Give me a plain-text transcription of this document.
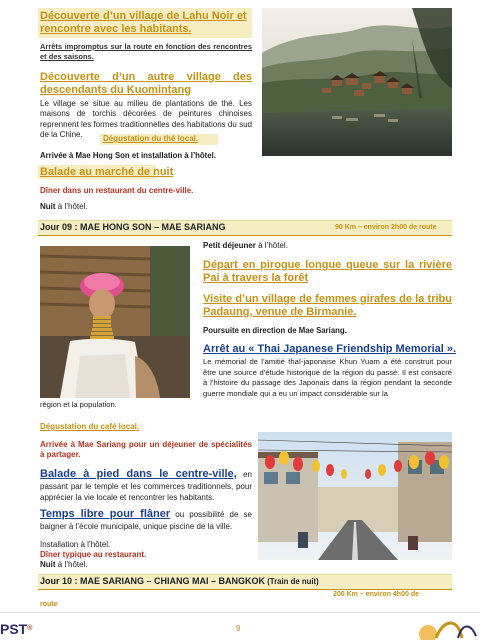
Découverte d’un village de Lahu Noir et rencontre avec les habitants.
Arrêts impromptus sur la route en fonction des rencontres et des saisons.
Découverte d’un autre village des descendants du Kuomintang
Le village se situe au milieu de plantations de thé. Les maisons de torchis décorées de peintures chinoises reprennent les formes traditionnelles des habitations du sud de la Chine.	Dégustation du thé local.
Arrivée à Mae Hong Son et installation à l’hôtel.
Balade au marché de nuit
Dîner dans un restaurant du centre-ville.
Nuit à l’hôtel.
Jour 09 : MAE HONG SON – MAE SARIANG	90 Km – environ 2h00 de route
Petit déjeuner à l’hôtel.
Départ en pirogue longue queue sur la rivière Pai à travers la forêt
Visite d’un village de femmes girafes de la tribu Padaung, venue de Birmanie.
Poursuite en direction de Mae Sariang.
Arrêt au « Thai Japanese Friendship Memorial ».
Le mémorial de l’amitié thaï-japonaise Khun Yuam a été construit pour être une source d’étude historique de la région du passé. Il est consacré à l’histoire du passage des Japonais dans la région pendant la seconde guerre mondiale qui a eu un impact considérable sur la
région et la population.
Dégustation du café local.
Arrivée à Mae Sariang pour un déjeuner de spécialités à partager.
Balade à pied dans le centre-ville, en passant par le temple et les commerces traditionnels, pour apprécier la vie locale et rencontrer les habitants.
Temps libre pour flâner ou possibilité de se baigner à l’école municipale, unique piscine de la ville.
Installation à l’hôtel.
Dîner typique au restaurant.
Nuit à l’hôtel.
Jour 10 : MAE SARIANG – CHIANG MAI – BANGKOK (Train de nuit)
200 Km – environ 4h00 de
route
PST®	9
